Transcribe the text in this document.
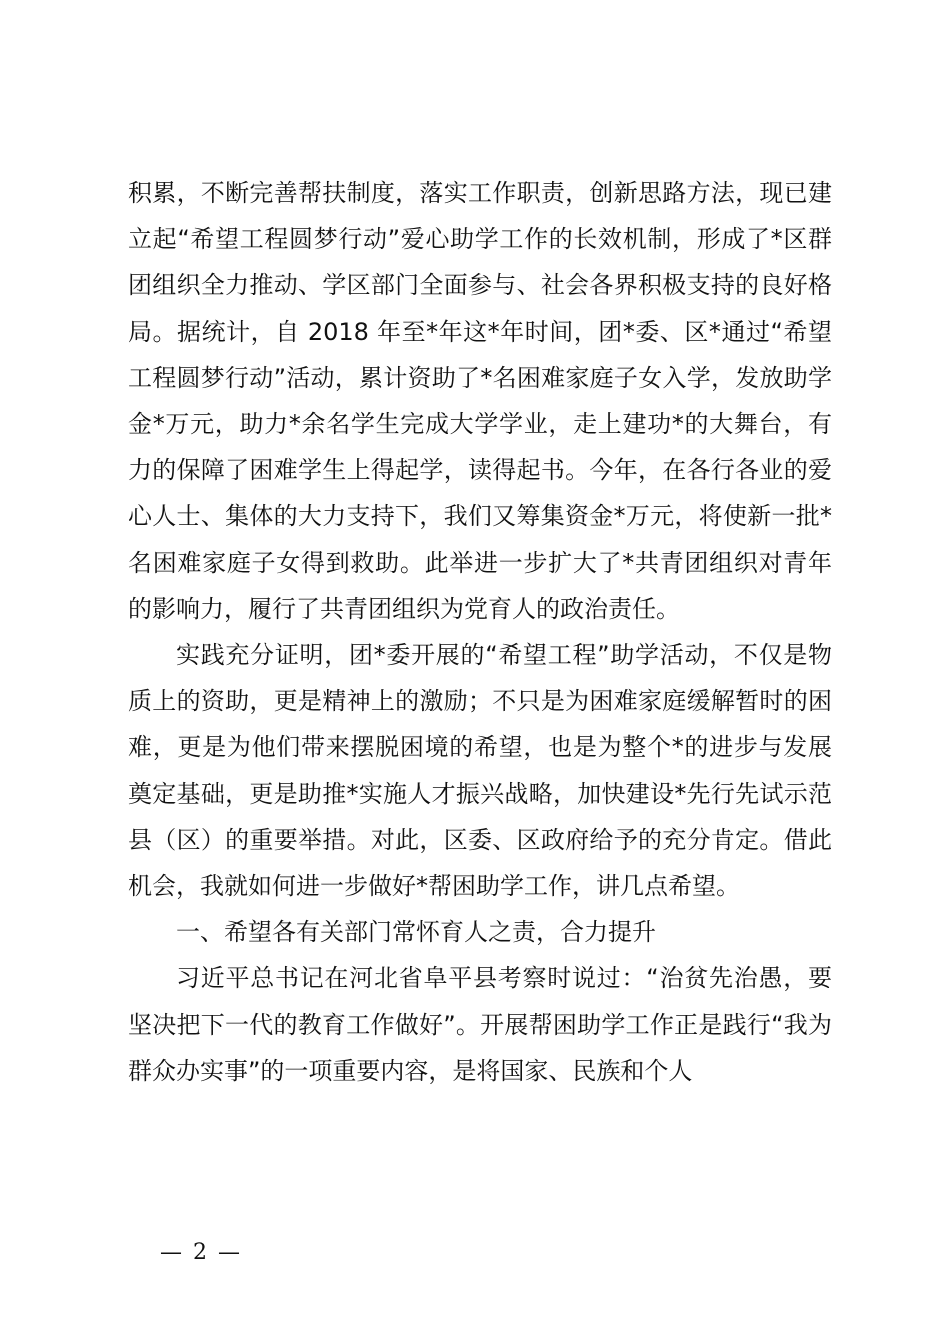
积累，不断完善帮扶制度，落实工作职责，创新思路方法，现已建立起“希望工程圆梦行动”爱心助学工作的长效机制，形成了*区群团组织全力推动、学区部门全面参与、社会各界积极支持的良好格局。据统计，自 2018 年至*年这*年时间，团*委、区*通过“希望工程圆梦行动”活动，累计资助了*名困难家庭子女入学，发放助学金*万元，助力*余名学生完成大学学业，走上建功*的大舞台，有力的保障了困难学生上得起学，读得起书。今年，在各行各业的爱心人士、集体的大力支持下，我们又筹集资金*万元，将使新一批*名困难家庭子女得到救助。此举进一步扩大了*共青团组织对青年的影响力，履行了共青团组织为党育人的政治责任。

实践充分证明，团*委开展的“希望工程”助学活动，不仅是物质上的资助，更是精神上的激励；不只是为困难家庭缓解暂时的困难，更是为他们带来摆脱困境的希望，也是为整个*的进步与发展奠定基础，更是助推*实施人才振兴战略，加快建设*先行先试示范县（区）的重要举措。对此，区委、区政府给予的充分肯定。借此机会，我就如何进一步做好*帮困助学工作，讲几点希望。

一、希望各有关部门常怀育人之责，合力提升

习近平总书记在河北省阜平县考察时说过：“治贫先治愚，要坚决把下一代的教育工作做好”。开展帮困助学工作正是践行“我为群众办实事”的一项重要内容，是将国家、民族和个人

— 2 —
